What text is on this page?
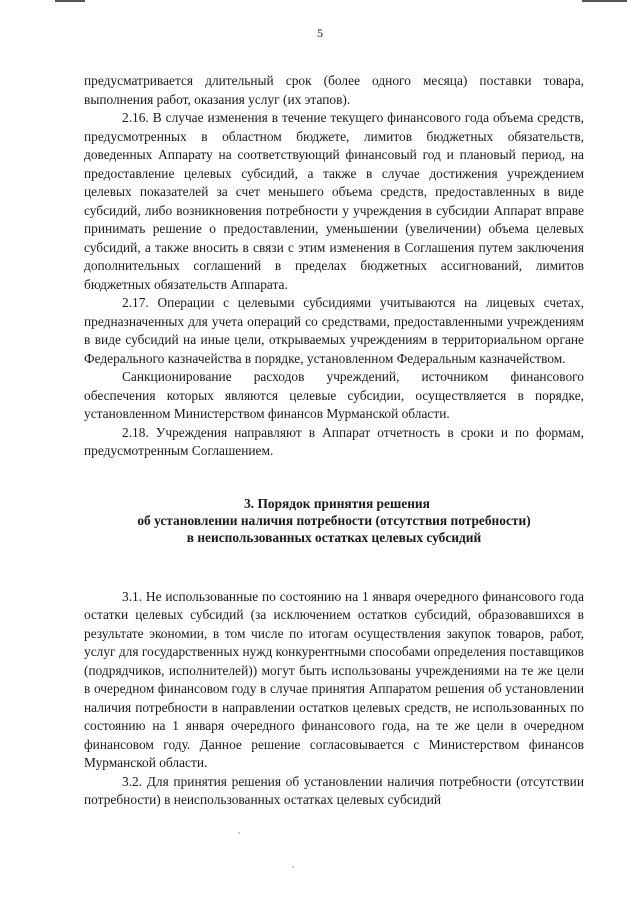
5

предусматривается длительный срок (более одного месяца) поставки товара, выполнения работ, оказания услуг (их этапов).

2.16. В случае изменения в течение текущего финансового года объема средств, предусмотренных в областном бюджете, лимитов бюджетных обязательств, доведенных Аппарату на соответствующий финансовый год и плановый период, на предоставление целевых субсидий, а также в случае достижения учреждением целевых показателей за счет меньшего объема средств, предоставленных в виде субсидий, либо возникновения потребности у учреждения в субсидии Аппарат вправе принимать решение о предоставлении, уменьшении (увеличении) объема целевых субсидий, а также вносить в связи с этим изменения в Соглашения путем заключения дополнительных соглашений в пределах бюджетных ассигнований, лимитов бюджетных обязательств Аппарата.

2.17. Операции с целевыми субсидиями учитываются на лицевых счетах, предназначенных для учета операций со средствами, предоставленными учреждениям в виде субсидий на иные цели, открываемых учреждениям в территориальном органе Федерального казначейства в порядке, установленном Федеральным казначейством.

Санкционирование расходов учреждений, источником финансового обеспечения которых являются целевые субсидии, осуществляется в порядке, установленном Министерством финансов Мурманской области.

2.18. Учреждения направляют в Аппарат отчетность в сроки и по формам, предусмотренным Соглашением.

3. Порядок принятия решения
об установлении наличия потребности (отсутствия потребности)
в неиспользованных остатках целевых субсидий

3.1. Не использованные по состоянию на 1 января очередного финансового года остатки целевых субсидий (за исключением остатков субсидий, образовавшихся в результате экономии, в том числе по итогам осуществления закупок товаров, работ, услуг для государственных нужд конкурентными способами определения поставщиков (подрядчиков, исполнителей)) могут быть использованы учреждениями на те же цели в очередном финансовом году в случае принятия Аппаратом решения об установлении наличия потребности в направлении остатков целевых средств, не использованных по состоянию на 1 января очередного финансового года, на те же цели в очередном финансовом году. Данное решение согласовывается с Министерством финансов Мурманской области.

3.2. Для принятия решения об установлении наличия потребности (отсутствии потребности) в неиспользованных остатках целевых субсидий
